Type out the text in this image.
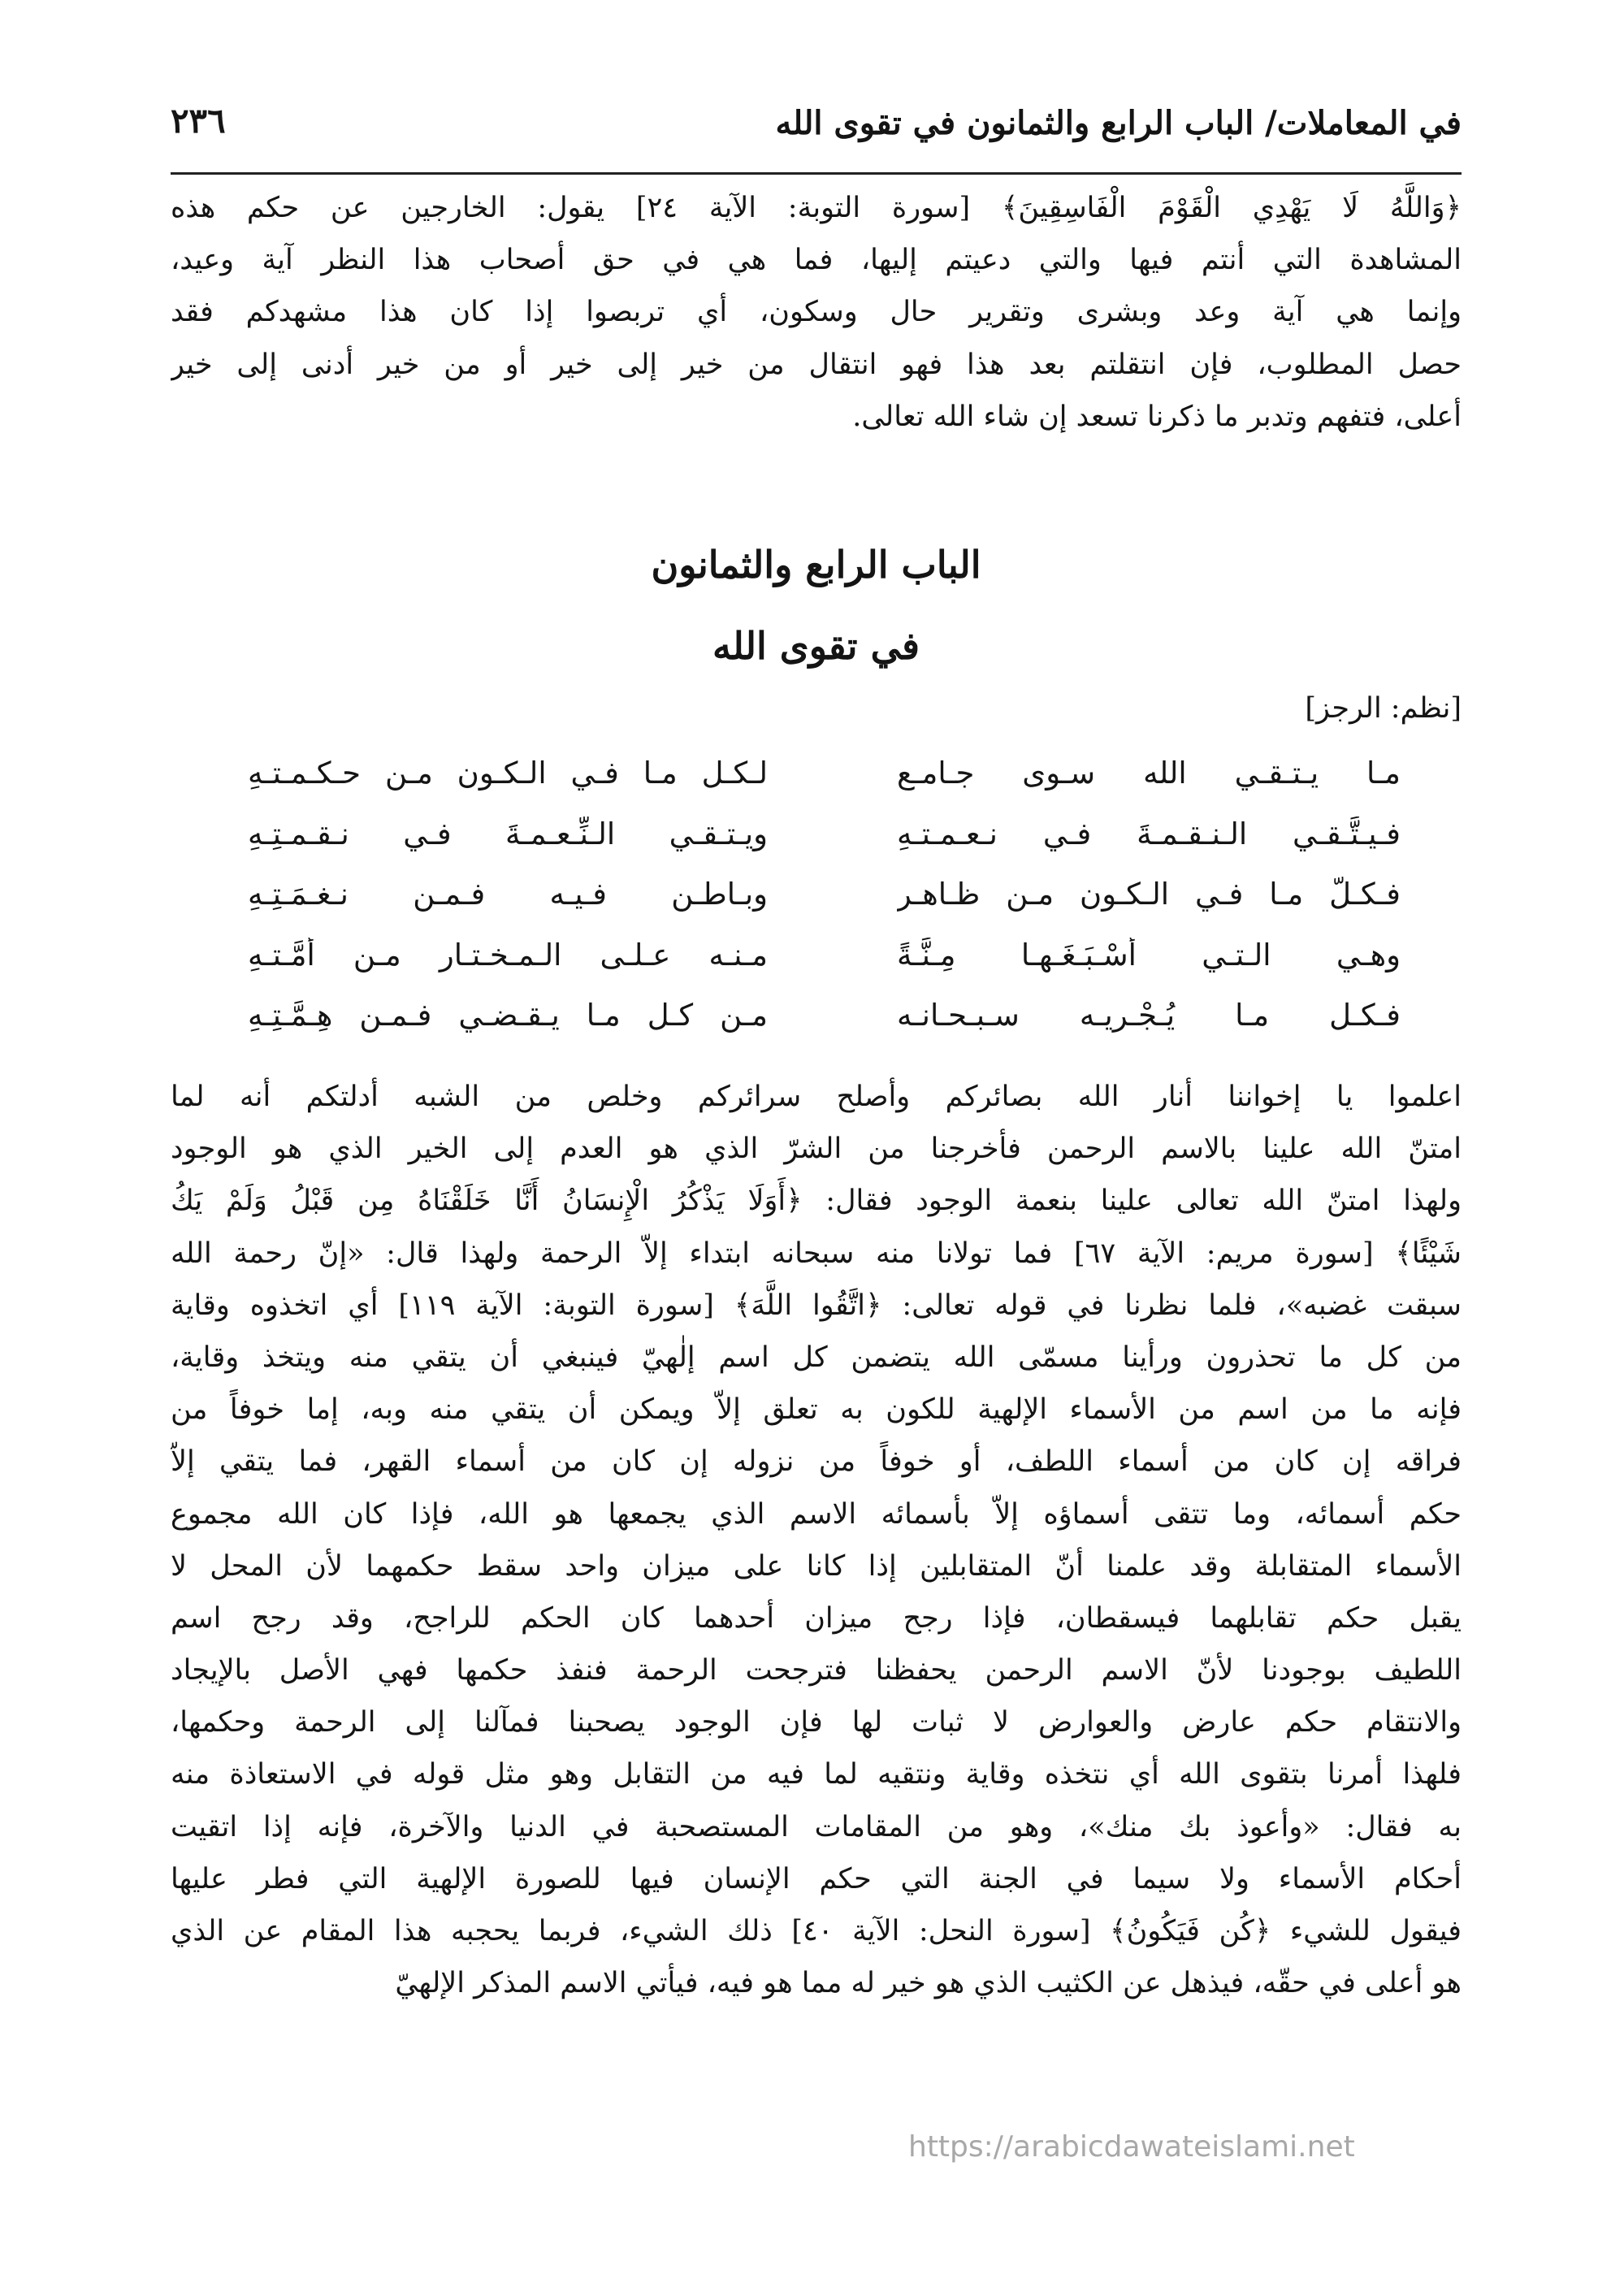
في المعاملات/ الباب الرابع والثمانون في تقوى الله
٢٣٦
﴿وَاللَّهُ لَا يَهْدِي الْقَوْمَ الْفَاسِقِينَ﴾ [سورة التوبة: الآية ٢٤] يقول: الخارجين عن حكم هذه
المشاهدة التي أنتم فيها والتي دعيتم إليها، فما هي في حق أصحاب هذا النظر آية وعيد،
وإنما هي آية وعد وبشرى وتقرير حال وسكون، أي تربصوا إذا كان هذا مشهدكم فقد
حصل المطلوب، فإن انتقلتم بعد هذا فهو انتقال من خير إلى خير أو من خير أدنى إلى خير
أعلى، فتفهم وتدبر ما ذكرنا تسعد إن شاء الله تعالى.
الباب الرابع والثمانون
في تقوى الله
[نظم: الرجز]
مـا يـتـقـي الله سـوى جـامـع
لـكـل مـا فـي الـكـون مـن حـكـمـتـهِ
فـيـتَّـقـي الـنـقـمـةَ فـي نـعـمـتـهِ
ويـتـقـي الـنِّـعـمـةَ فـي نـقـمـتِـهِ
فـكـلُّ مـا فـي الـكـون مـن ظـاهـرٍ
وبـاطـنٍ فـيـه فـمـن نـغـمَـتِـهِ
وهـي الـتـي أَسْـبَـغَـهـا مِـنَّـةً
مـنـه عـلـى الـمـخـتـار مـن أمَّـتـهِ
فـكـل مـا يُـجْـريـه سـبـحـانـه
مـن كـل مـا يـقـضـي فـمـن هِـمَّـتِـهِ
اعلموا يا إخواننا أنار الله بصائركم وأصلح سرائركم وخلص من الشبه أدلتكم أنه لما
امتنّ الله علينا بالاسم الرحمن فأخرجنا من الشرّ الذي هو العدم إلى الخير الذي هو الوجود
ولهذا امتنّ الله تعالى علينا بنعمة الوجود فقال: ﴿أَوَلَا يَذْكُرُ الْإِنسَانُ أَنَّا خَلَقْنَاهُ مِن قَبْلُ وَلَمْ يَكُ
شَيْئًا﴾ [سورة مريم: الآية ٦٧] فما تولانا منه سبحانه ابتداء إلاّ الرحمة ولهذا قال: «إنّ رحمة الله
سبقت غضبه»، فلما نظرنا في قوله تعالى: ﴿اتَّقُوا اللَّهَ﴾ [سورة التوبة: الآية ١١٩] أي اتخذوه وقاية
من كل ما تحذرون ورأينا مسمّى الله يتضمن كل اسم إلٰهيّ فينبغي أن يتقي منه ويتخذ وقاية،
فإنه ما من اسم من الأسماء الإلهية للكون به تعلق إلاّ ويمكن أن يتقي منه وبه، إما خوفاً من
فراقه إن كان من أسماء اللطف، أو خوفاً من نزوله إن كان من أسماء القهر، فما يتقي إلاّ
حكم أسمائه، وما تتقى أسماؤه إلاّ بأسمائه الاسم الذي يجمعها هو الله، فإذا كان الله مجموع
الأسماء المتقابلة وقد علمنا أنّ المتقابلين إذا كانا على ميزان واحد سقط حكمهما لأن المحل لا
يقبل حكم تقابلهما فيسقطان، فإذا رجح ميزان أحدهما كان الحكم للراجح، وقد رجح اسم
اللطيف بوجودنا لأنّ الاسم الرحمن يحفظنا فترجحت الرحمة فنفذ حكمها فهي الأصل بالإيجاد
والانتقام حكم عارض والعوارض لا ثبات لها فإن الوجود يصحبنا فمآلنا إلى الرحمة وحكمها،
فلهذا أمرنا بتقوى الله أي نتخذه وقاية ونتقيه لما فيه من التقابل وهو مثل قوله في الاستعاذة منه
به فقال: «وأعوذ بك منك»، وهو من المقامات المستصحبة في الدنيا والآخرة، فإنه إذا اتقيت
أحكام الأسماء ولا سيما في الجنة التي حكم الإنسان فيها للصورة الإلهية التي فطر عليها
فيقول للشيء ﴿كُن فَيَكُونُ﴾ [سورة النحل: الآية ٤٠] ذلك الشيء، فربما يحجبه هذا المقام عن الذي
هو أعلى في حقّه، فيذهل عن الكثيب الذي هو خير له مما هو فيه، فيأتي الاسم المذكر الإلهيّ
https://arabicdawateislami.net
